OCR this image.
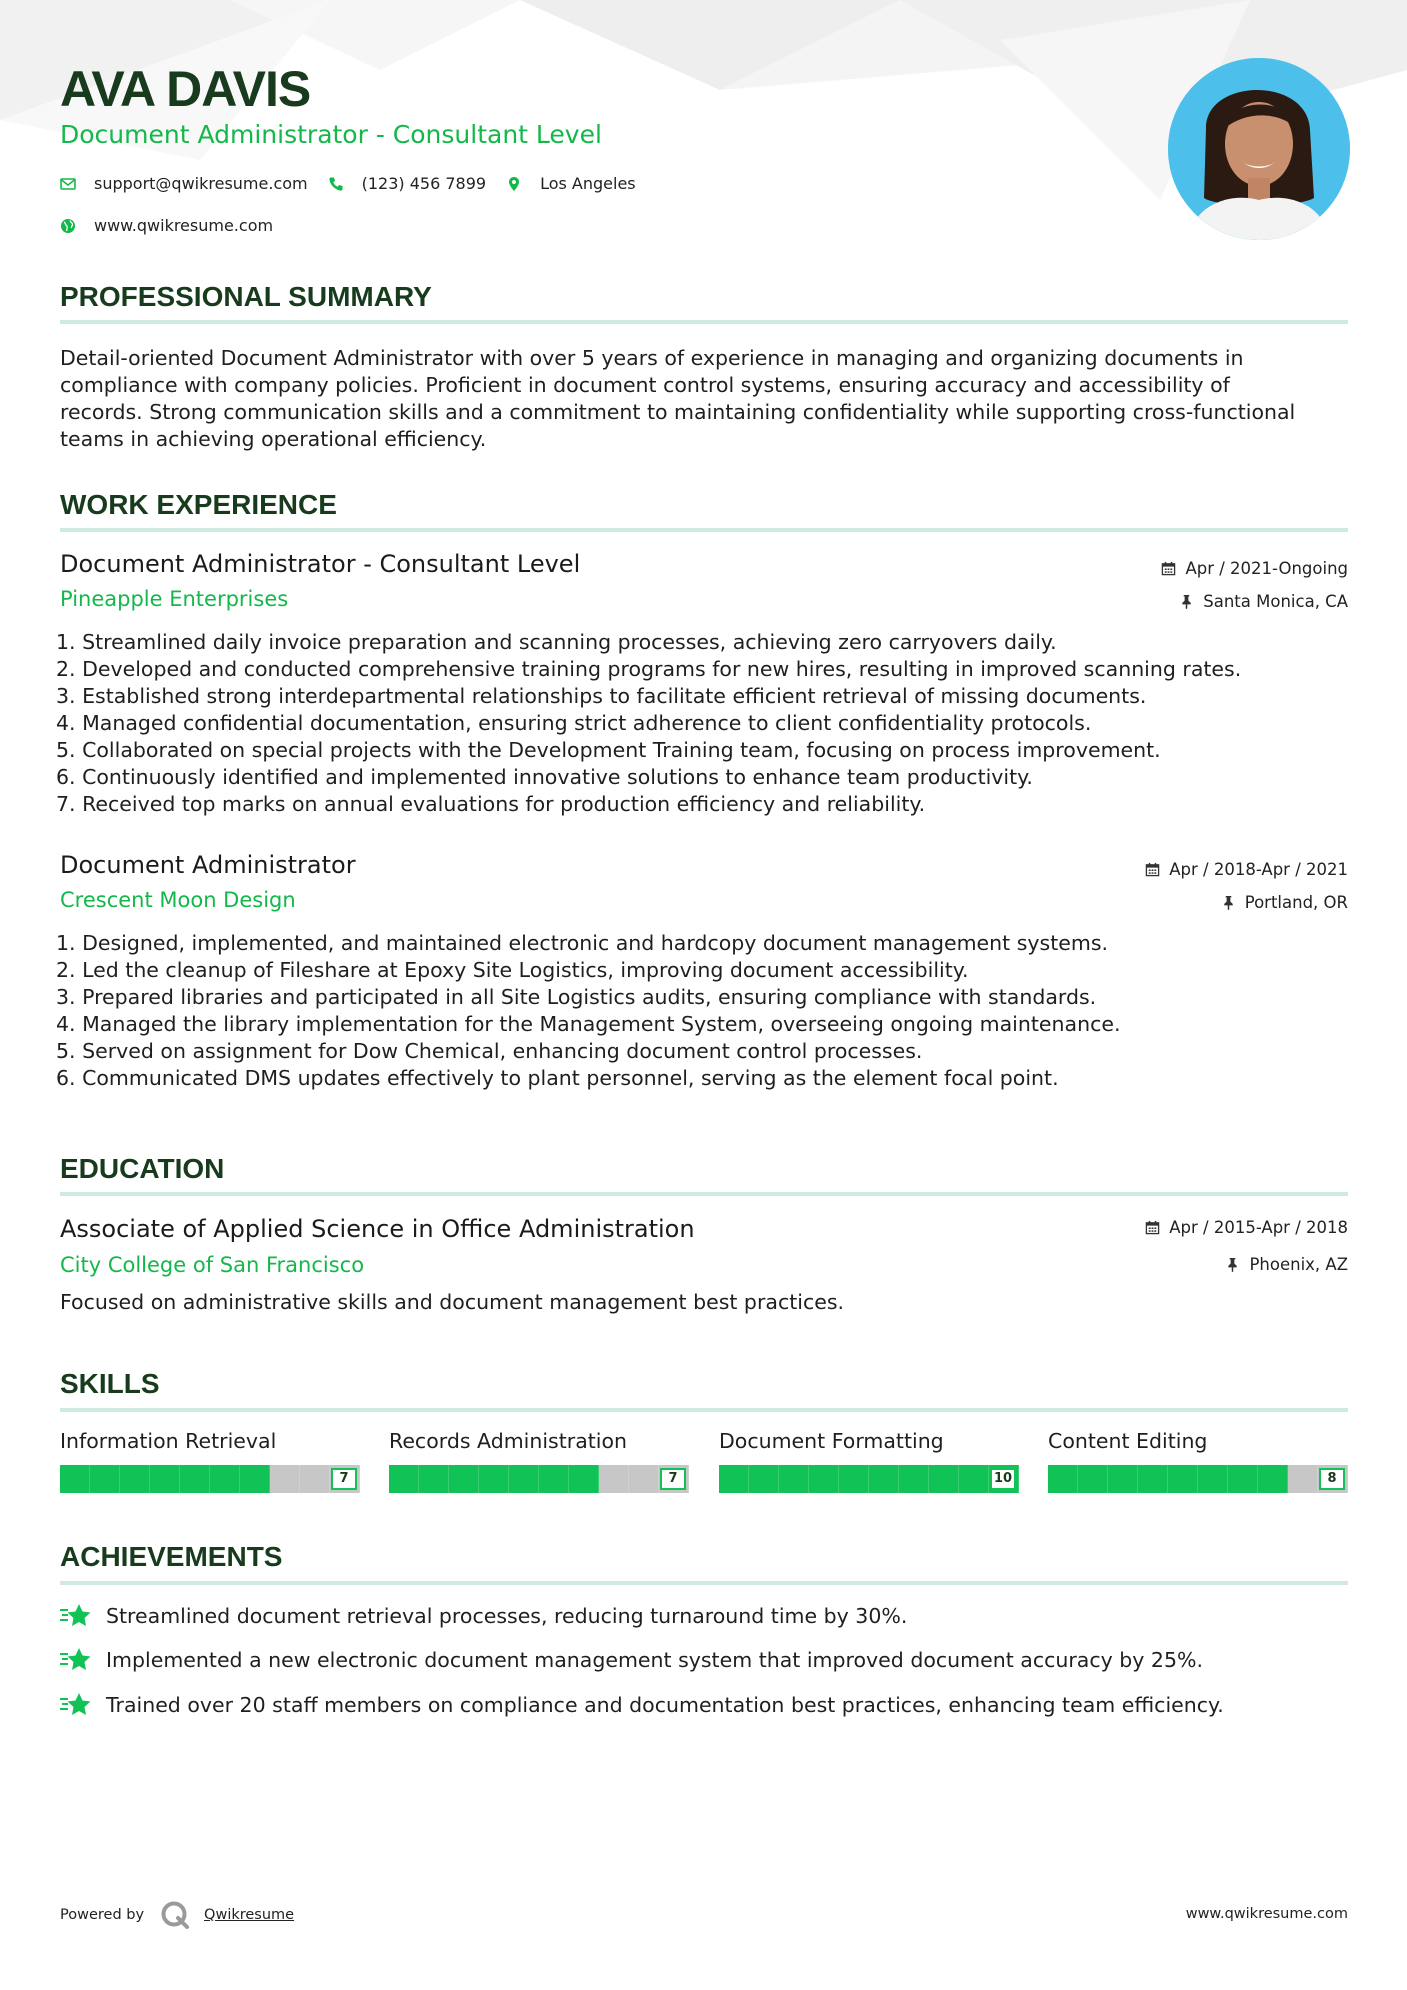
AVA DAVIS
Document Administrator - Consultant Level
support@qwikresume.com	(123) 456 7899	Los Angeles
www.qwikresume.com
PROFESSIONAL SUMMARY
Detail-oriented Document Administrator with over 5 years of experience in managing and organizing documents in
compliance with company policies. Proficient in document control systems, ensuring accuracy and accessibility of
records. Strong communication skills and a commitment to maintaining confidentiality while supporting cross-functional
teams in achieving operational efficiency.
WORK EXPERIENCE
Document Administrator - Consultant Level	Apr / 2021-Ongoing
Pineapple Enterprises	Santa Monica, CA
1. Streamlined daily invoice preparation and scanning processes, achieving zero carryovers daily.
2. Developed and conducted comprehensive training programs for new hires, resulting in improved scanning rates.
3. Established strong interdepartmental relationships to facilitate efficient retrieval of missing documents.
4. Managed confidential documentation, ensuring strict adherence to client confidentiality protocols.
5. Collaborated on special projects with the Development Training team, focusing on process improvement.
6. Continuously identified and implemented innovative solutions to enhance team productivity.
7. Received top marks on annual evaluations for production efficiency and reliability.
Document Administrator	Apr / 2018-Apr / 2021
Crescent Moon Design	Portland, OR
1. Designed, implemented, and maintained electronic and hardcopy document management systems.
2. Led the cleanup of Fileshare at Epoxy Site Logistics, improving document accessibility.
3. Prepared libraries and participated in all Site Logistics audits, ensuring compliance with standards.
4. Managed the library implementation for the Management System, overseeing ongoing maintenance.
5. Served on assignment for Dow Chemical, enhancing document control processes.
6. Communicated DMS updates effectively to plant personnel, serving as the element focal point.
EDUCATION
Associate of Applied Science in Office Administration	Apr / 2015-Apr / 2018
City College of San Francisco	Phoenix, AZ
Focused on administrative skills and document management best practices.
SKILLS
Information Retrieval
7
Records Administration
7
Document Formatting
10
Content Editing
8
ACHIEVEMENTS
Streamlined document retrieval processes, reducing turnaround time by 30%.
Implemented a new electronic document management system that improved document accuracy by 25%.
Trained over 20 staff members on compliance and documentation best practices, enhancing team efficiency.
Powered by	Qwikresume	www.qwikresume.com
